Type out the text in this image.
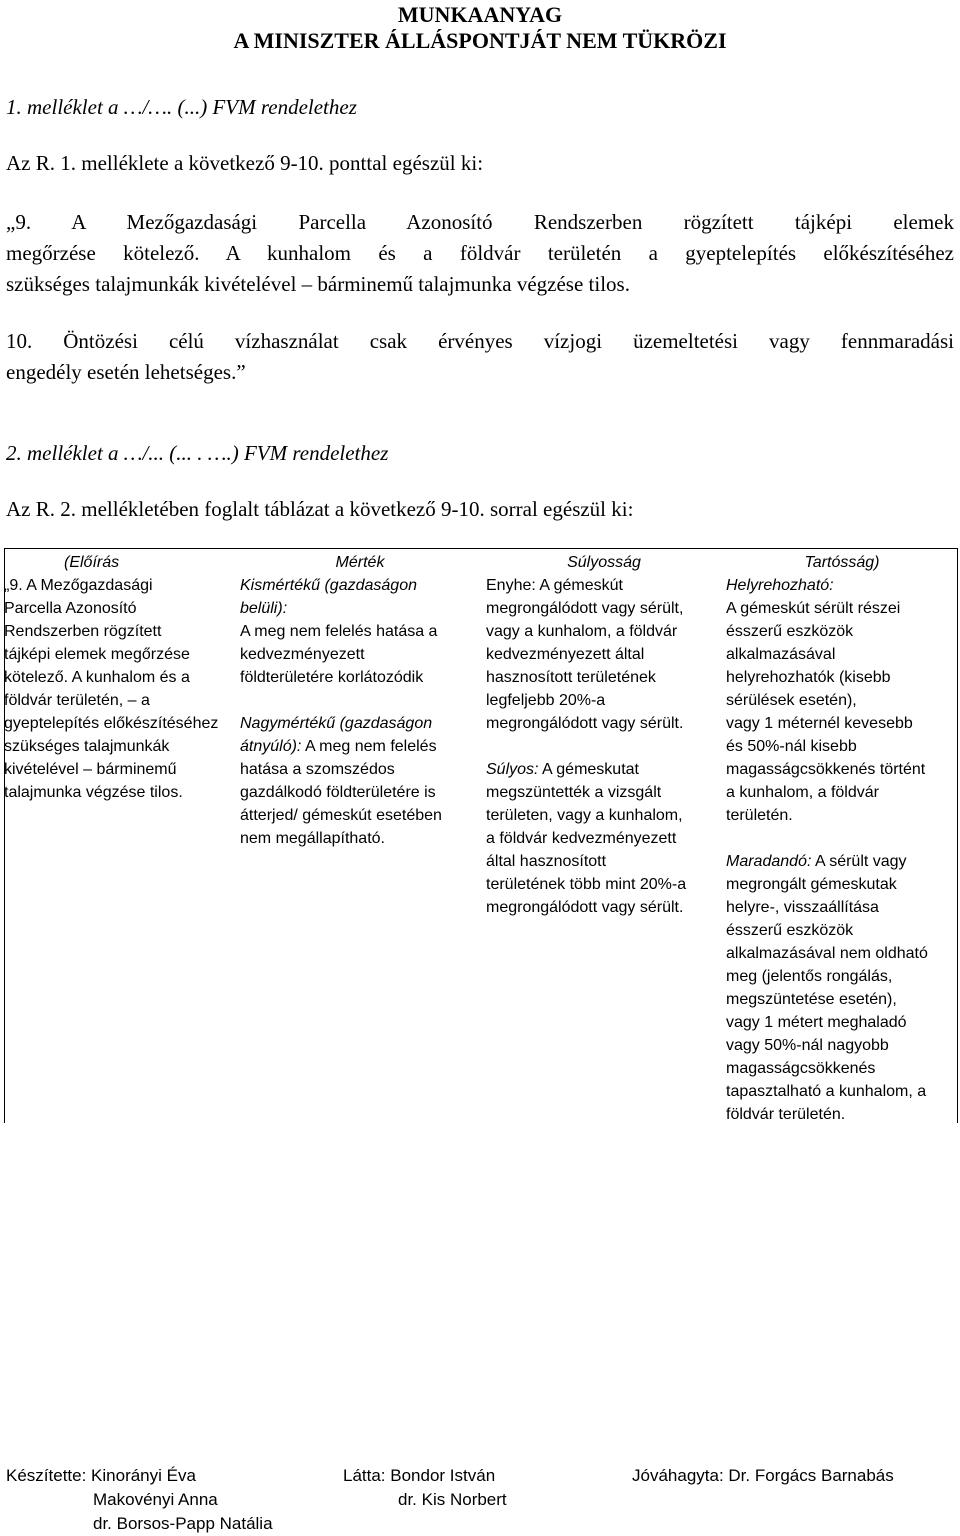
MUNKAANYAG
A MINISZTER ÁLLÁSPONTJÁT NEM TÜKRÖZI
1. melléklet a …/…. (...) FVM rendelethez
Az R. 1. melléklete a következő 9-10. ponttal egészül ki:
„9. A Mezőgazdasági Parcella Azonosító Rendszerben rögzített tájképi elemek
megőrzése kötelező. A kunhalom és a földvár területén a gyeptelepítés előkészítéséhez
szükséges talajmunkák kivételével – bárminemű talajmunka végzése tilos.
10. Öntözési célú vízhasználat csak érvényes vízjogi üzemeltetési vagy fennmaradási
engedély esetén lehetséges.”
2. melléklet a …/... (... . ….) FVM rendelethez
Az R. 2. mellékletében foglalt táblázat a következő 9-10. sorral egészül ki:
(Előírás
„9. A Mezőgazdasági
Parcella Azonosító
Rendszerben rögzített
tájképi elemek megőrzése
kötelező. A kunhalom és a
földvár területén, – a
gyeptelepítés előkészítéséhez
szükséges talajmunkák
kivételével – bárminemű
talajmunka végzése tilos.
Mérték
Kismértékű (gazdaságon
belüli):
A meg nem felelés hatása a
kedvezményezett
földterületére korlátozódik
Nagymértékű (gazdaságon
átnyúló): A meg nem felelés
hatása a szomszédos
gazdálkodó földterületére is
átterjed/ gémeskút esetében
nem megállapítható.
Súlyosság
Enyhe: A gémeskút
megrongálódott vagy sérült,
vagy a kunhalom, a földvár
kedvezményezett által
hasznosított területének
legfeljebb 20%-a
megrongálódott vagy sérült.
Súlyos: A gémeskutat
megszüntették a vizsgált
területen, vagy a kunhalom,
a földvár kedvezményezett
által hasznosított
területének több mint 20%-a
megrongálódott vagy sérült.
Tartósság)
Helyrehozható:
A gémeskút sérült részei
ésszerű eszközök
alkalmazásával
helyrehozhatók (kisebb
sérülések esetén),
vagy 1 méternél kevesebb
és 50%-nál kisebb
magasságcsökkenés történt
a kunhalom, a földvár
területén.
Maradandó: A sérült vagy
megrongált gémeskutak
helyre-, visszaállítása
ésszerű eszközök
alkalmazásával nem oldható
meg (jelentős rongálás,
megszüntetése esetén),
vagy 1 métert meghaladó
vagy 50%-nál nagyobb
magasságcsökkenés
tapasztalható a kunhalom, a
földvár területén.
Készítette: Kinorányi Éva
Makovényi Anna
dr. Borsos-Papp Natália
Látta: Bondor István
dr. Kis Norbert
Jóváhagyta: Dr. Forgács Barnabás
